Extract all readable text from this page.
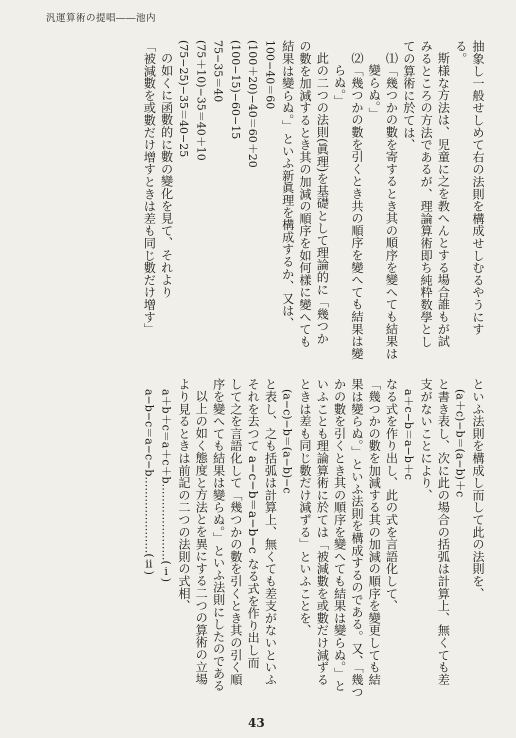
汎運算術の提唱――池内
抽象し一般せしめて右の法則を構成せしむるやうにす
る。
斯様な方法は、児童に之を教へんとする場合誰もが試
みるところの方法であるが、理論算術即ち純粋数學とし
ての算術に於ては、
⑴「幾つかの數を寄するとき其の順序を變へても結果は
變らぬ。」
⑵「幾つかの數を引くとき共の順序を變へても結果は變
らぬ。」
此の二つの法則(眞理)を基礎として理論的に「幾つか
の數を加減するとき其の加減の順序を如何樣に變へても
結果は變らぬ。」といふ新眞理を構成するか、又は、
100−40＝60
(100＋20)−40＝60＋20
(100−15)−60−15
75−35＝40
(75＋10)−35＝40＋10
(75−25)−35＝40−25
の如くに函數的に數の變化を見て、それより
「被減數を或數だけ增すときは差も同じ數だけ增す」
といふ法則を構成し而して此の法則を、
(a＋c)−b＝(a−b)＋c
と書き表し、次に此の場合の括弧は計算上、無くても差
支がないことにより、
a＋c−b＝a−b＋c
なる式を作り出し、此の式を言語化して、
「幾つかの數を加減する其の加減の順序を變更しても結
果は變らぬ。」といふ法則を構成するのである。又、「幾つ
かの數を引くとき其の順序を變へても結果は變らぬ。」と
いふことも理論算術に於ては「被減數を或數だけ減ずる
ときは差も同じ數だけ減ずる」といふことを、
(a−c)−b＝(a−b)−c
と表し、之も括弧は計算上、無くても差支がないといふ
それを去つて a−c−b＝a−b−c なる式を作り出し而
して之を言語化して「幾つかの數を引くとき其の引く順
序を變へても結果は變らぬ。」といふ法則にしたのである
以上の如く態度と方法とを異にする二つの算術の立場
より見るときは前記の二つの法則の式相、
a＋b＋c＝a＋c＋b…………………(ⅰ)
a−b−c＝a−c−b…………………(ⅱ)
43
